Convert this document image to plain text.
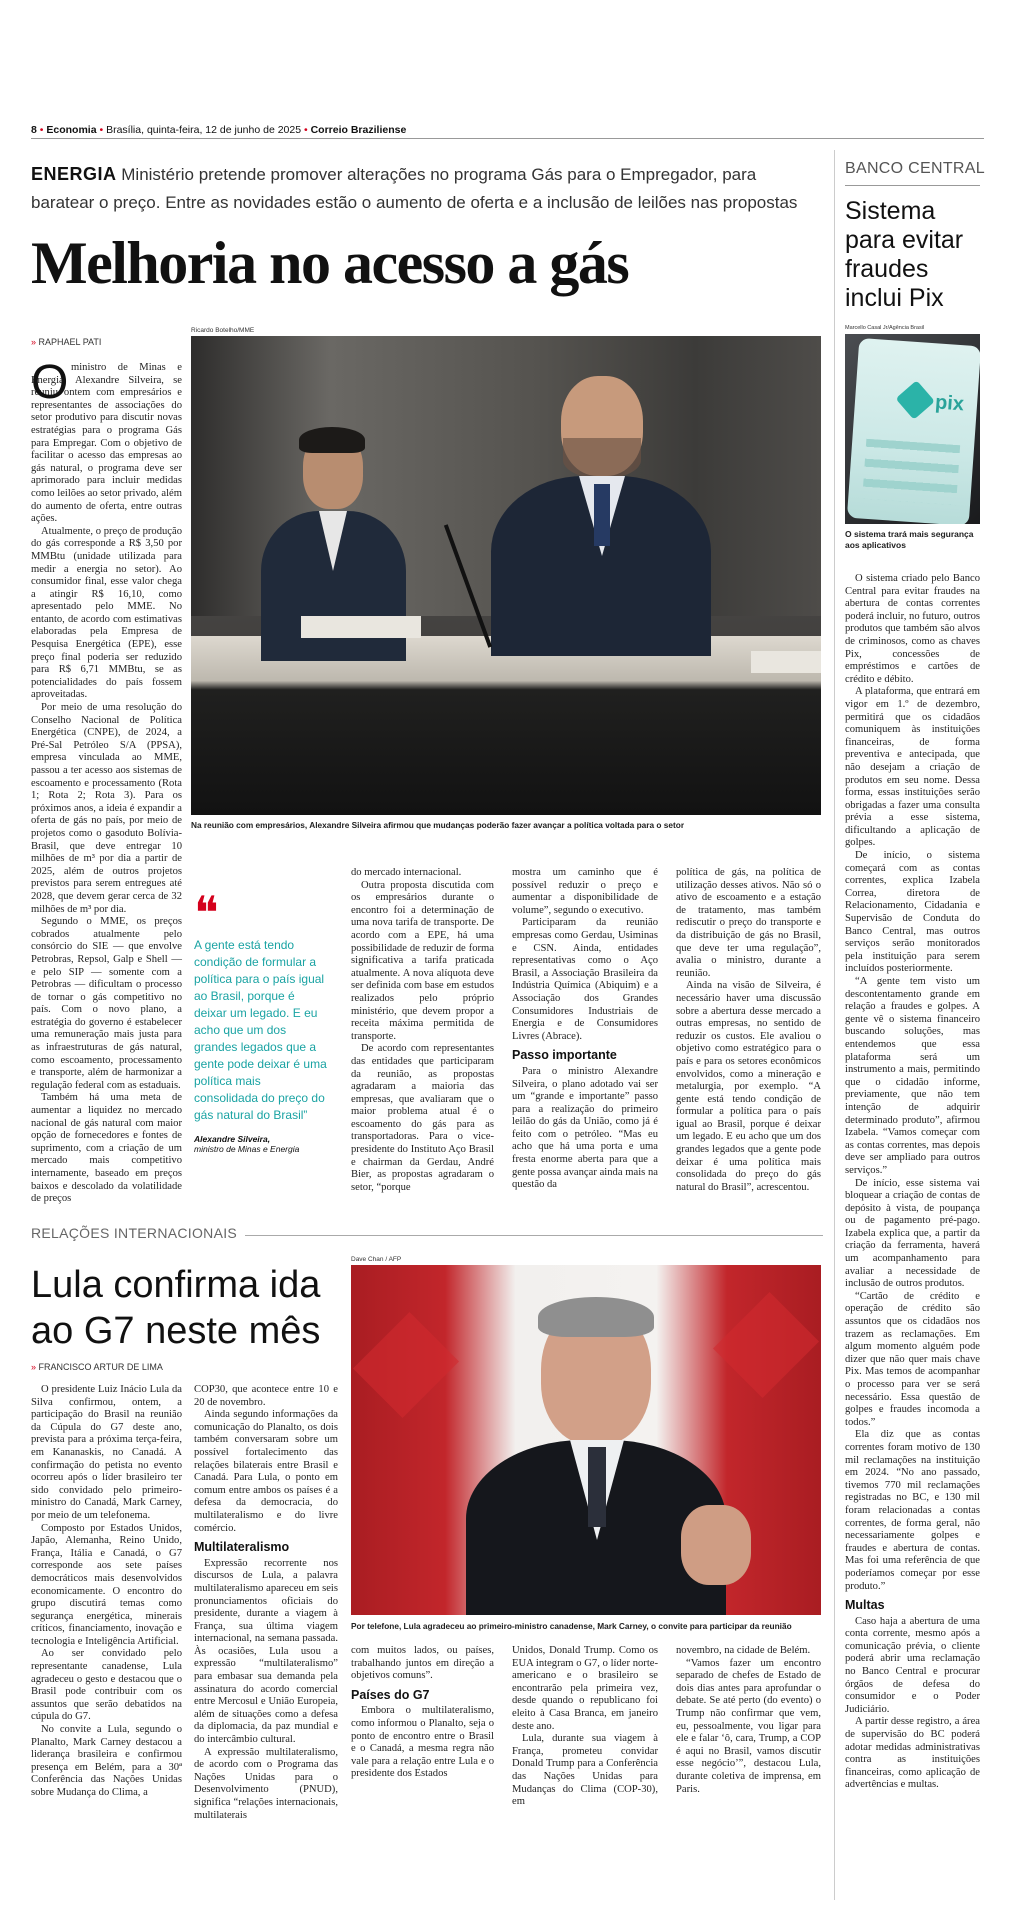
8 • Economia • Brasília, quinta-feira, 12 de junho de 2025 • Correio Braziliense
ENERGIA Ministério pretende promover alterações no programa Gás para o Empregador, para baratear o preço. Entre as novidades estão o aumento de oferta e a inclusão de leilões nas propostas
Melhoria no acesso a gás
» RAPHAEL PATI
Ricardo Botelho/MME
Na reunião com empresários, Alexandre Silveira afirmou que mudanças poderão fazer avançar a política voltada para o setor
O ministro de Minas e Energia, Alexandre Silveira, se reuniu ontem com empresários e representantes de associações do setor produtivo para discutir novas estratégias para o programa Gás para Empregar. Com o objetivo de facilitar o acesso das empresas ao gás natural, o programa deve ser aprimorado para incluir medidas como leilões ao setor privado, além do aumento de oferta, entre outras ações.

Atualmente, o preço de produção do gás corresponde a R$ 3,50 por MMBtu (unidade utilizada para medir a energia no setor). Ao consumidor final, esse valor chega a atingir R$ 16,10, como apresentado pelo MME. No entanto, de acordo com estimativas elaboradas pela Empresa de Pesquisa Energética (EPE), esse preço final poderia ser reduzido para R$ 6,71 MMBtu, se as potencialidades do país fossem aproveitadas.

Por meio de uma resolução do Conselho Nacional de Política Energética (CNPE), de 2024, a Pré-Sal Petróleo S/A (PPSA), empresa vinculada ao MME, passou a ter acesso aos sistemas de escoamento e processamento (Rota 1; Rota 2; Rota 3). Para os próximos anos, a ideia é expandir a oferta de gás no país, por meio de projetos como o gasoduto Bolívia-Brasil, que deve entregar 10 milhões de m³ por dia a partir de 2025, além de outros projetos previstos para serem entregues até 2028, que devem gerar cerca de 32 milhões de m³ por dia.

Segundo o MME, os preços cobrados atualmente pelo consórcio do SIE — que envolve Petrobras, Repsol, Galp e Shell — e pelo SIP — somente com a Petrobras — dificultam o processo de tornar o gás competitivo no país. Com o novo plano, a estratégia do governo é estabelecer uma remuneração mais justa para as infraestruturas de gás natural, como escoamento, processamento e transporte, além de harmonizar a regulação federal com as estaduais.

Também há uma meta de aumentar a liquidez no mercado nacional de gás natural com maior opção de fornecedores e fontes de suprimento, com a criação de um mercado mais competitivo internamente, baseado em preços baixos e descolado da volatilidade de preços

❝
A gente está tendo condição de formular a política para o país igual ao Brasil, porque é deixar um legado. E eu acho que um dos grandes legados que a gente pode deixar é uma política mais consolidada do preço do gás natural do Brasil”
Alexandre Silveira,
ministro de Minas e Energia

do mercado internacional.

Outra proposta discutida com os empresários durante o encontro foi a determinação de uma nova tarifa de transporte. De acordo com a EPE, há uma possibilidade de reduzir de forma significativa a tarifa praticada atualmente. A nova alíquota deve ser definida com base em estudos realizados pelo próprio ministério, que devem propor a receita máxima permitida de transporte.

De acordo com representantes das entidades que participaram da reunião, as propostas agradaram a maioria das empresas, que avaliaram que o maior problema atual é o escoamento do gás para as transportadoras. Para o vice-presidente do Instituto Aço Brasil e chairman da Gerdau, André Bier, as propostas agradaram o setor, “porque

mostra um caminho que é possível reduzir o preço e aumentar a disponibilidade de volume”, segundo o executivo.

Participaram da reunião empresas como Gerdau, Usiminas e CSN. Ainda, entidades representativas como o Aço Brasil, a Associação Brasileira da Indústria Química (Abiquim) e a Associação dos Grandes Consumidores Industriais de Energia e de Consumidores Livres (Abrace).

Passo importante

Para o ministro Alexandre Silveira, o plano adotado vai ser um “grande e importante” passo para a realização do primeiro leilão do gás da União, como já é feito com o petróleo. “Mas eu acho que há uma porta e uma fresta enorme aberta para que a gente possa avançar ainda mais na questão da

política de gás, na política de utilização desses ativos. Não só o ativo de escoamento e a estação de tratamento, mas também rediscutir o preço do transporte e da distribuição de gás no Brasil, que deve ter uma regulação”, avalia o ministro, durante a reunião.

Ainda na visão de Silveira, é necessário haver uma discussão sobre a abertura desse mercado a outras empresas, no sentido de reduzir os custos. Ele avaliou o objetivo como estratégico para o país e para os setores econômicos envolvidos, como a mineração e metalurgia, por exemplo. “A gente está tendo condição de formular a política para o país igual ao Brasil, porque é deixar um legado. E eu acho que um dos grandes legados que a gente pode deixar é uma política mais consolidada do preço do gás natural do Brasil”, acrescentou.

BANCO CENTRAL
Sistema para evitar fraudes inclui Pix
Marcello Casal Jr/Agência Brasil
pix
O sistema trará mais segurança aos aplicativos

O sistema criado pelo Banco Central para evitar fraudes na abertura de contas correntes poderá incluir, no futuro, outros produtos que também são alvos de criminosos, como as chaves Pix, concessões de empréstimos e cartões de crédito e débito.

A plataforma, que entrará em vigor em 1.º de dezembro, permitirá que os cidadãos comuniquem às instituições financeiras, de forma preventiva e antecipada, que não desejam a criação de produtos em seu nome. Dessa forma, essas instituições serão obrigadas a fazer uma consulta prévia a esse sistema, dificultando a aplicação de golpes.

De início, o sistema começará com as contas correntes, explica Izabela Correa, diretora de Relacionamento, Cidadania e Supervisão de Conduta do Banco Central, mas outros serviços serão monitorados pela instituição para serem incluídos posteriormente.

“A gente tem visto um descontentamento grande em relação a fraudes e golpes. A gente vê o sistema financeiro buscando soluções, mas entendemos que essa plataforma será um instrumento a mais, permitindo que o cidadão informe, previamente, que não tem intenção de adquirir determinado produto”, afirmou Izabela. “Vamos começar com as contas correntes, mas depois deve ser ampliado para outros serviços.”

De início, esse sistema vai bloquear a criação de contas de depósito à vista, de poupança ou de pagamento pré-pago. Izabela explica que, a partir da criação da ferramenta, haverá um acompanhamento para avaliar a necessidade de inclusão de outros produtos.

“Cartão de crédito e operação de crédito são assuntos que os cidadãos nos trazem as reclamações. Em algum momento alguém pode dizer que não quer mais chave Pix. Mas temos de acompanhar o processo para ver se será necessário. Essa questão de golpes e fraudes incomoda a todos.”

Ela diz que as contas correntes foram motivo de 130 mil reclamações na instituição em 2024. “No ano passado, tivemos 770 mil reclamações registradas no BC, e 130 mil foram relacionadas a contas correntes, de forma geral, não necessariamente golpes e fraudes e abertura de contas. Mas foi uma referência de que poderíamos começar por esse produto.”

Multas

Caso haja a abertura de uma conta corrente, mesmo após a comunicação prévia, o cliente poderá abrir uma reclamação no Banco Central e procurar órgãos de defesa do consumidor e o Poder Judiciário.

A partir desse registro, a área de supervisão do BC poderá adotar medidas administrativas contra as instituições financeiras, como aplicação de advertências e multas.

RELAÇÕES INTERNACIONAIS
Lula confirma ida ao G7 neste mês
» FRANCISCO ARTUR DE LIMA
Dave Chan / AFP
Por telefone, Lula agradeceu ao primeiro-ministro canadense, Mark Carney, o convite para participar da reunião

O presidente Luiz Inácio Lula da Silva confirmou, ontem, a participação do Brasil na reunião da Cúpula do G7 deste ano, prevista para a próxima terça-feira, em Kananaskis, no Canadá. A confirmação do petista no evento ocorreu após o líder brasileiro ter sido convidado pelo primeiro-ministro do Canadá, Mark Carney, por meio de um telefonema.

Composto por Estados Unidos, Japão, Alemanha, Reino Unido, França, Itália e Canadá, o G7 corresponde aos sete países democráticos mais desenvolvidos economicamente. O encontro do grupo discutirá temas como segurança energética, minerais críticos, financiamento, inovação e tecnologia e Inteligência Artificial.

Ao ser convidado pelo representante canadense, Lula agradeceu o gesto e destacou que o Brasil pode contribuir com os assuntos que serão debatidos na cúpula do G7.

No convite a Lula, segundo o Planalto, Mark Carney destacou a liderança brasileira e confirmou presença em Belém, para a 30ª Conferência das Nações Unidas sobre Mudança do Clima, a

COP30, que acontece entre 10 e 20 de novembro.

Ainda segundo informações da comunicação do Planalto, os dois também conversaram sobre um possível fortalecimento das relações bilaterais entre Brasil e Canadá. Para Lula, o ponto em comum entre ambos os países é a defesa da democracia, do multilateralismo e do livre comércio.

Multilateralismo

Expressão recorrente nos discursos de Lula, a palavra multilateralismo apareceu em seis pronunciamentos oficiais do presidente, durante a viagem à França, sua última viagem internacional, na semana passada. Às ocasiões, Lula usou a expressão “multilateralismo” para embasar sua demanda pela assinatura do acordo comercial entre Mercosul e União Europeia, além de situações como a defesa da diplomacia, da paz mundial e do intercâmbio cultural.

A expressão multilateralismo, de acordo com o Programa das Nações Unidas para o Desenvolvimento (PNUD), significa “relações internacionais, multilaterais

com muitos lados, ou países, trabalhando juntos em direção a objetivos comuns”.

Países do G7

Embora o multilateralismo, como informou o Planalto, seja o ponto de encontro entre o Brasil e o Canadá, a mesma regra não vale para a relação entre Lula e o presidente dos Estados

Unidos, Donald Trump. Como os EUA integram o G7, o líder norte-americano e o brasileiro se encontrarão pela primeira vez, desde quando o republicano foi eleito à Casa Branca, em janeiro deste ano.

Lula, durante sua viagem à França, prometeu convidar Donald Trump para a Conferência das Nações Unidas para Mudanças do Clima (COP-30), em

novembro, na cidade de Belém.

“Vamos fazer um encontro separado de chefes de Estado de dois dias antes para aprofundar o debate. Se até perto (do evento) o Trump não confirmar que vem, eu, pessoalmente, vou ligar para ele e falar ‘ô, cara, Trump, a COP é aqui no Brasil, vamos discutir esse negócio’”, destacou Lula, durante coletiva de imprensa, em Paris.
